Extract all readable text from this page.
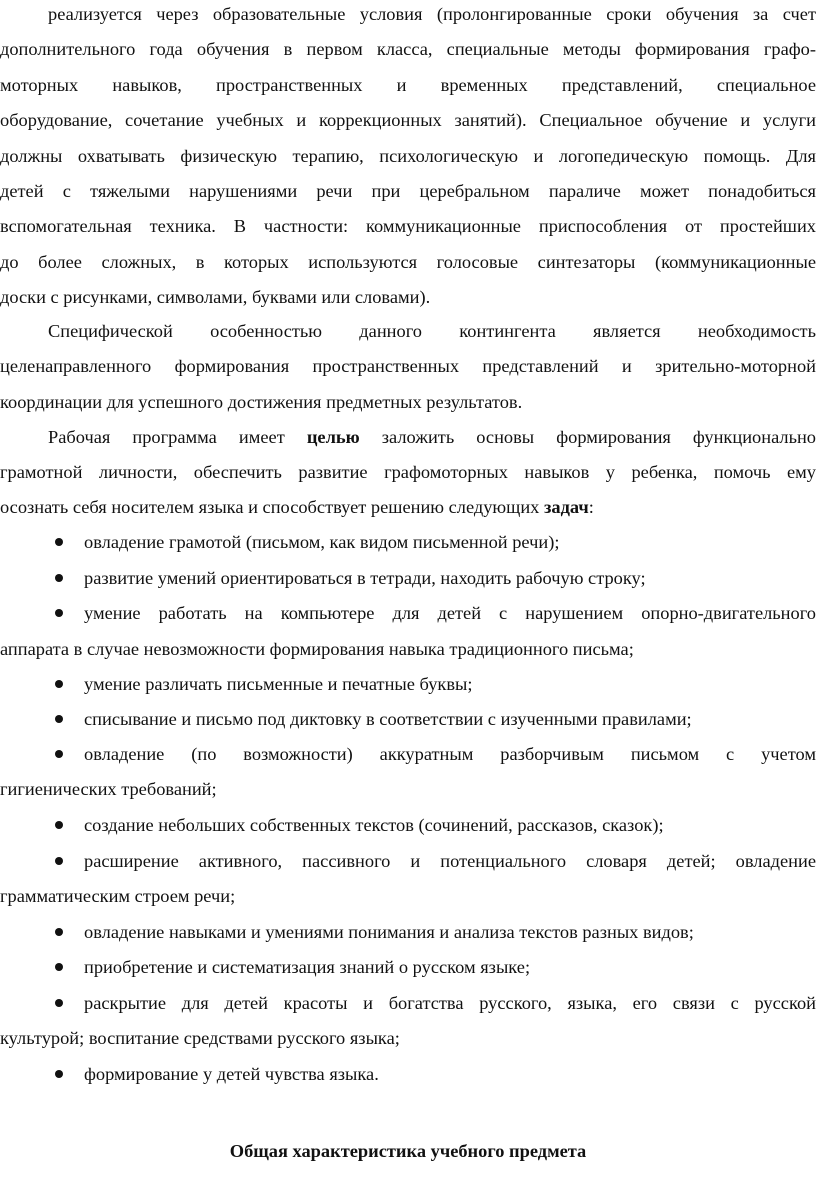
реализуется через образовательные условия (пролонгированные сроки обучения за счет
дополнительного года обучения в первом класса, специальные методы формирования графо-
моторных навыков, пространственных и временных представлений, специальное
оборудование, сочетание учебных и коррекционных занятий). Специальное обучение и услуги
должны охватывать физическую терапию, психологическую и логопедическую помощь. Для
детей с тяжелыми нарушениями речи при церебральном параличе может понадобиться
вспомогательная техника. В частности: коммуникационные приспособления от простейших
до более сложных, в которых используются голосовые синтезаторы (коммуникационные
доски с рисунками, символами, буквами или словами).
Специфической особенностью данного контингента является необходимость
целенаправленного формирования пространственных представлений и зрительно-моторной
координации для успешного достижения предметных результатов.
Рабочая программа имеет целью заложить основы формирования функционально
грамотной личности, обеспечить развитие графомоторных навыков у ребенка, помочь ему
осознать себя носителем языка и способствует решению следующих задач:
овладение грамотой (письмом, как видом письменной речи);
развитие умений ориентироваться в тетради, находить рабочую строку;
умение работать на компьютере для детей с нарушением опорно-двигательного
аппарата в случае невозможности формирования навыка традиционного письма;
умение различать письменные и печатные буквы;
списывание и письмо под диктовку в соответствии с изученными правилами;
овладение (по возможности) аккуратным разборчивым письмом с учетом
гигиенических требований;
создание небольших собственных текстов (сочинений, рассказов, сказок);
расширение активного, пассивного и потенциального словаря детей; овладение
грамматическим строем речи;
овладение навыками и умениями понимания и анализа текстов разных видов;
приобретение и систематизация знаний о русском языке;
раскрытие для детей красоты и богатства русского, языка, его связи с русской
культурой; воспитание средствами русского языка;
формирование у детей чувства языка.
Общая характеристика учебного предмета
